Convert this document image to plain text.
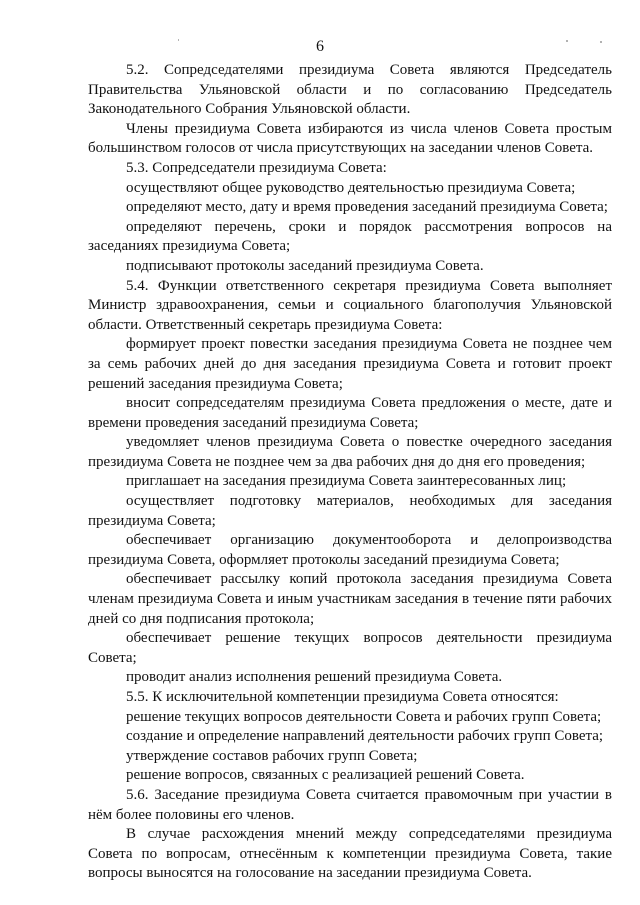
6

5.2. Сопредседателями президиума Совета являются Председатель Правительства Ульяновской области и по согласованию Председатель Законодательного Собрания Ульяновской области.

Члены президиума Совета избираются из числа членов Совета простым большинством голосов от числа присутствующих на заседании членов Совета.

5.3. Сопредседатели президиума Совета:

осуществляют общее руководство деятельностью президиума Совета;

определяют место, дату и время проведения заседаний президиума Совета;

определяют перечень, сроки и порядок рассмотрения вопросов на заседаниях президиума Совета;

подписывают протоколы заседаний президиума Совета.

5.4. Функции ответственного секретаря президиума Совета выполняет Министр здравоохранения, семьи и социального благополучия Ульяновской области. Ответственный секретарь президиума Совета:

формирует проект повестки заседания президиума Совета не позднее чем за семь рабочих дней до дня заседания президиума Совета и готовит проект решений заседания президиума Совета;

вносит сопредседателям президиума Совета предложения о месте, дате и времени проведения заседаний президиума Совета;

уведомляет членов президиума Совета о повестке очередного заседания президиума Совета не позднее чем за два рабочих дня до дня его проведения;

приглашает на заседания президиума Совета заинтересованных лиц;

осуществляет подготовку материалов, необходимых для заседания президиума Совета;

обеспечивает организацию документооборота и делопроизводства президиума Совета, оформляет протоколы заседаний президиума Совета;

обеспечивает рассылку копий протокола заседания президиума Совета членам президиума Совета и иным участникам заседания в течение пяти рабочих дней со дня подписания протокола;

обеспечивает решение текущих вопросов деятельности президиума Совета;

проводит анализ исполнения решений президиума Совета.

5.5. К исключительной компетенции президиума Совета относятся:

решение текущих вопросов деятельности Совета и рабочих групп Совета;

создание и определение направлений деятельности рабочих групп Совета;

утверждение составов рабочих групп Совета;

решение вопросов, связанных с реализацией решений Совета.

5.6. Заседание президиума Совета считается правомочным при участии в нём более половины его членов.

В случае расхождения мнений между сопредседателями президиума Совета по вопросам, отнесённым к компетенции президиума Совета, такие вопросы выносятся на голосование на заседании президиума Совета.
